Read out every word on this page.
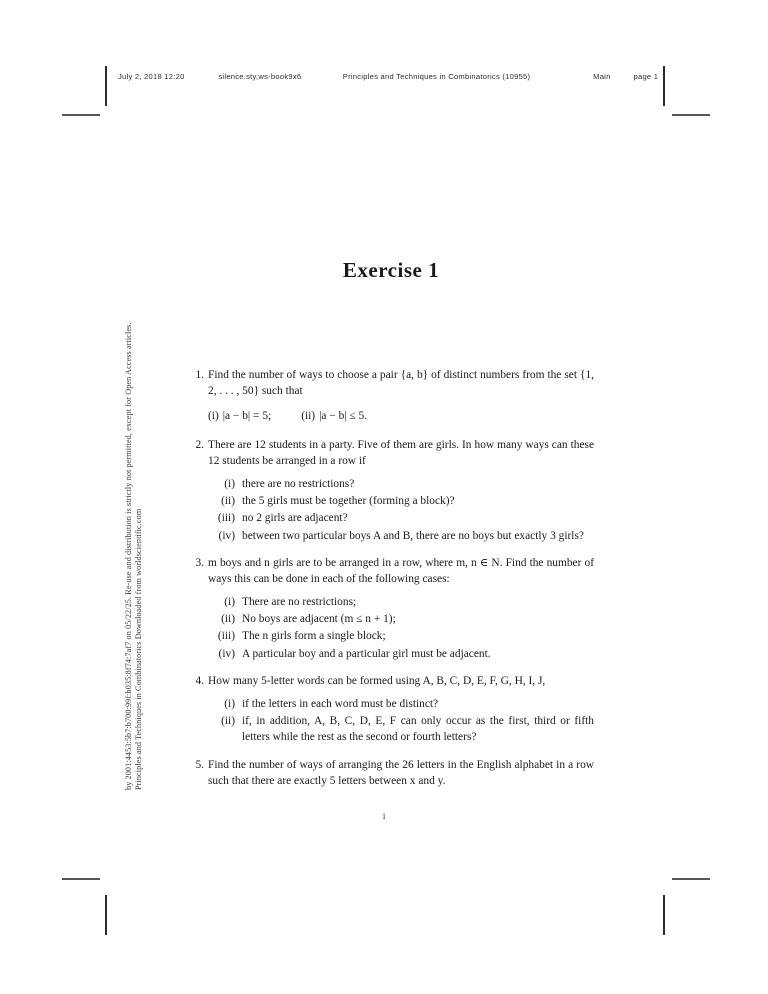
July 2, 2018 12:20	silence.sty,ws-book9x6	Principles and Techniques in Combinatorics (10955)	Main	page 1
Principles and Techniques in Combinatorics Downloaded from worldscientific.com
by 2001:4453:5b7:b700:99f:b035:8f74:7af7 on 05/22/25. Re-use and distribution is strictly not permitted, except for Open Access articles.
Exercise 1
1. Find the number of ways to choose a pair {a, b} of distinct numbers from the set {1, 2, . . . , 50} such that
(i) |a − b| = 5;	(ii) |a − b| ≤ 5.
2. There are 12 students in a party. Five of them are girls. In how many ways can these 12 students be arranged in a row if
(i) there are no restrictions?
(ii) the 5 girls must be together (forming a block)?
(iii) no 2 girls are adjacent?
(iv) between two particular boys A and B, there are no boys but exactly 3 girls?
3. m boys and n girls are to be arranged in a row, where m, n ∈ N. Find the number of ways this can be done in each of the following cases:
(i) There are no restrictions;
(ii) No boys are adjacent (m ≤ n + 1);
(iii) The n girls form a single block;
(iv) A particular boy and a particular girl must be adjacent.
4. How many 5-letter words can be formed using A, B, C, D, E, F, G, H, I, J,
(i) if the letters in each word must be distinct?
(ii) if, in addition, A, B, C, D, E, F can only occur as the first, third or fifth letters while the rest as the second or fourth letters?
5. Find the number of ways of arranging the 26 letters in the English alphabet in a row such that there are exactly 5 letters between x and y.
1
